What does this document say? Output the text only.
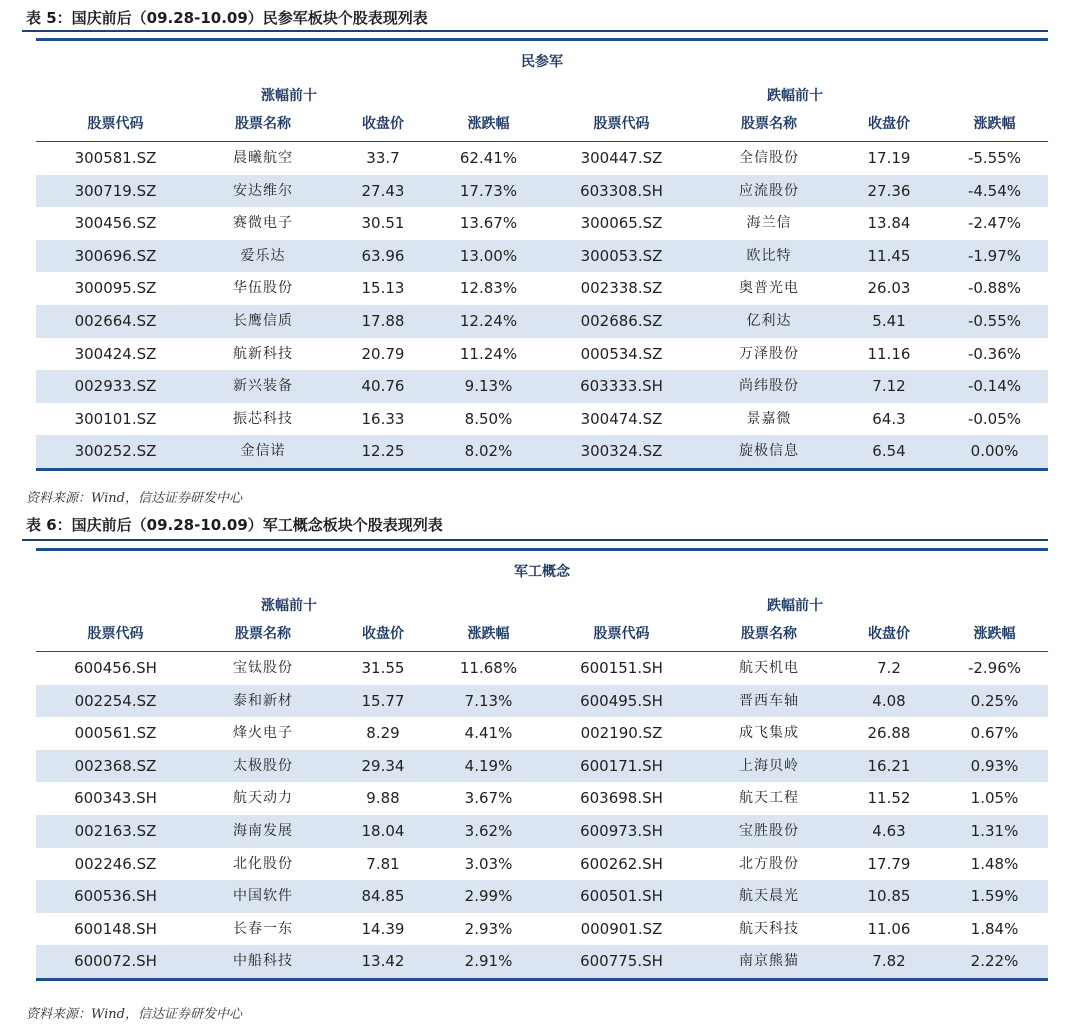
表 5：国庆前后（09.28-10.09）民参军板块个股表现列表
民参军
涨幅前十	跌幅前十
股票代码	股票名称	收盘价	涨跌幅	股票代码	股票名称	收盘价	涨跌幅
300581.SZ	晨曦航空	33.7	62.41%	300447.SZ	全信股份	17.19	-5.55%
300719.SZ	安达维尔	27.43	17.73%	603308.SH	应流股份	27.36	-4.54%
300456.SZ	赛微电子	30.51	13.67%	300065.SZ	海兰信	13.84	-2.47%
300696.SZ	爱乐达	63.96	13.00%	300053.SZ	欧比特	11.45	-1.97%
300095.SZ	华伍股份	15.13	12.83%	002338.SZ	奥普光电	26.03	-0.88%
002664.SZ	长鹰信质	17.88	12.24%	002686.SZ	亿利达	5.41	-0.55%
300424.SZ	航新科技	20.79	11.24%	000534.SZ	万泽股份	11.16	-0.36%
002933.SZ	新兴装备	40.76	9.13%	603333.SH	尚纬股份	7.12	-0.14%
300101.SZ	振芯科技	16.33	8.50%	300474.SZ	景嘉微	64.3	-0.05%
300252.SZ	金信诺	12.25	8.02%	300324.SZ	旋极信息	6.54	0.00%
资料来源：Wind，信达证券研发中心
表 6：国庆前后（09.28-10.09）军工概念板块个股表现列表
军工概念
涨幅前十	跌幅前十
股票代码	股票名称	收盘价	涨跌幅	股票代码	股票名称	收盘价	涨跌幅
600456.SH	宝钛股份	31.55	11.68%	600151.SH	航天机电	7.2	-2.96%
002254.SZ	泰和新材	15.77	7.13%	600495.SH	晋西车轴	4.08	0.25%
000561.SZ	烽火电子	8.29	4.41%	002190.SZ	成飞集成	26.88	0.67%
002368.SZ	太极股份	29.34	4.19%	600171.SH	上海贝岭	16.21	0.93%
600343.SH	航天动力	9.88	3.67%	603698.SH	航天工程	11.52	1.05%
002163.SZ	海南发展	18.04	3.62%	600973.SH	宝胜股份	4.63	1.31%
002246.SZ	北化股份	7.81	3.03%	600262.SH	北方股份	17.79	1.48%
600536.SH	中国软件	84.85	2.99%	600501.SH	航天晨光	10.85	1.59%
600148.SH	长春一东	14.39	2.93%	000901.SZ	航天科技	11.06	1.84%
600072.SH	中船科技	13.42	2.91%	600775.SH	南京熊猫	7.82	2.22%
资料来源：Wind，信达证券研发中心
